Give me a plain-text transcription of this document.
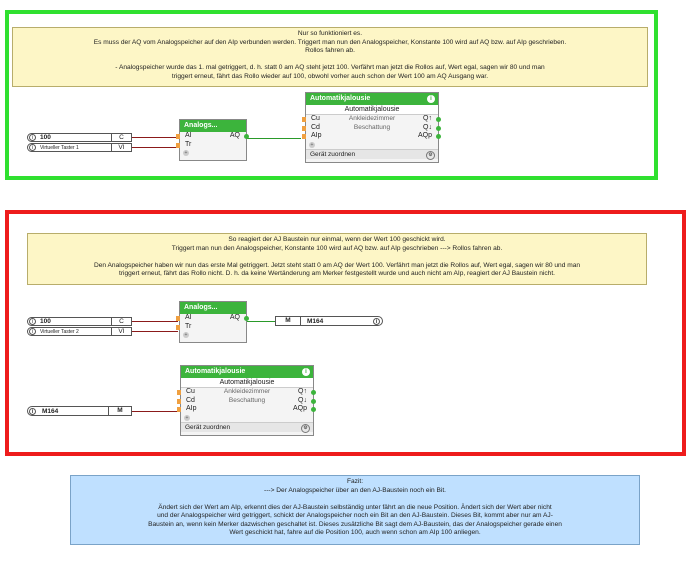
Nur so funktioniert es.
Es muss der AQ vom Analogspeicher auf den AIp verbunden werden. Triggert man nun den Analogspeicher, Konstante 100 wird auf AQ bzw. auf AIp geschrieben.
Rollos fahren ab.

- Analogspeicher wurde das 1. mal getriggert, d. h. statt 0 am AQ steht jetzt 100. Verfährt man jetzt die Rollos auf, Wert egal, sagen wir 80 und man
triggert erneut, fährt das Rollo wieder auf 100, obwohl vorher auch schon der Wert 100 am AQ Ausgang war.
i	100	C
i	Virtueller Taster 1	VI
Analogs...
AI	AQ
Tr
+
Automatikjalousie	i
Automatikjalousie
Cu	Ankleidezimmer	Q↑
Cd	Beschattung	Q↓
AIp	AQp
+
Gerät zuordnen	⚙
So reagiert der AJ Baustein nur einmal, wenn der Wert 100 geschickt wird.
Triggert man nun den Analogspeicher, Konstante 100 wird auf AQ bzw. auf AIp geschrieben ---> Rollos fahren ab.

Den Analogspeicher haben wir nun das erste Mal getriggert. Jetzt steht statt 0 am AQ der Wert 100. Verfährt man jetzt die Rollos auf, Wert egal, sagen wir 80 und man
triggert erneut, fährt das Rollo nicht. D. h. da keine Wertänderung am Merker festgestellt wurde und auch nicht am AIp, reagiert der AJ Baustein nicht.
i	100	C
i	Virtueller Taster 2	VI
Analogs...
AI	AQ
Tr
+
M	M164	i
i	M164	M
Automatikjalousie	i
Automatikjalousie
Cu	Ankleidezimmer	Q↑
Cd	Beschattung	Q↓
AIp	AQp
+
Gerät zuordnen	⚙
Fazit:
---> Der Analogspeicher über an den AJ-Baustein noch ein Bit.

Ändert sich der Wert am AIp, erkennt dies der AJ-Baustein selbständig unter fährt an die neue Position. Ändert sich der Wert aber nicht
und der Analogspeicher wird getriggert, schickt der Analogspeicher noch ein Bit an den AJ-Baustein. Dieses Bit, kommt aber nur am AJ-
Baustein an, wenn kein Merker dazwischen geschaltet ist. Dieses zusätzliche Bit sagt dem AJ-Baustein, das der Analogspeicher gerade einen
Wert geschickt hat, fahre auf die Position 100, auch wenn schon am AIp 100 anliegen.
